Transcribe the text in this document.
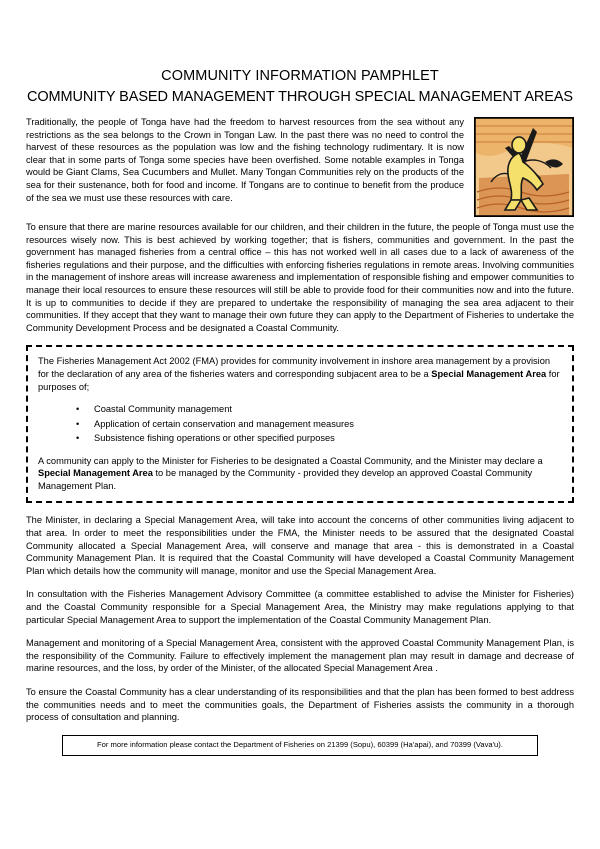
COMMUNITY INFORMATION PAMPHLET
COMMUNITY BASED MANAGEMENT THROUGH SPECIAL MANAGEMENT AREAS

Traditionally, the people of Tonga have had the freedom to harvest resources from the sea without any restrictions as the sea belongs to the Crown in Tongan Law. In the past there was no need to control the harvest of these resources as the population was low and the fishing technology rudimentary. It is now clear that in some parts of Tonga some species have been overfished. Some notable examples in Tonga would be Giant Clams, Sea Cucumbers and Mullet. Many Tongan Communities rely on the products of the sea for their sustenance, both for food and income. If Tongans are to continue to benefit from the produce of the sea we must use these resources with care.

To ensure that there are marine resources available for our children, and their children in the future, the people of Tonga must use the resources wisely now. This is best achieved by working together; that is fishers, communities and government. In the past the government has managed fisheries from a central office – this has not worked well in all cases due to a lack of awareness of the fisheries regulations and their purpose, and the difficulties with enforcing fisheries regulations in remote areas. Involving communities in the management of inshore areas will increase awareness and implementation of responsible fishing and empower communities to manage their local resources to ensure these resources will still be able to provide food for their communities now and into the future. It is up to communities to decide if they are prepared to undertake the responsibility of managing the sea area adjacent to their communities. If they accept that they want to manage their own future they can apply to the Department of Fisheries to undertake the Community Development Process and be designated a Coastal Community.

The Fisheries Management Act 2002 (FMA) provides for community involvement in inshore area management by a provision for the declaration of any area of the fisheries waters and corresponding subjacent area to be a Special Management Area for purposes of;

• Coastal Community management
• Application of certain conservation and management measures
• Subsistence fishing operations or other specified purposes

A community can apply to the Minister for Fisheries to be designated a Coastal Community, and the Minister may declare a Special Management Area to be managed by the Community - provided they develop an approved Coastal Community Management Plan.

The Minister, in declaring a Special Management Area, will take into account the concerns of other communities living adjacent to that area. In order to meet the responsibilities under the FMA, the Minister needs to be assured that the designated Coastal Community allocated a Special Management Area, will conserve and manage that area - this is demonstrated in a Coastal Community Management Plan. It is required that the Coastal Community will have developed a Coastal Community Management Plan which details how the community will manage, monitor and use the Special Management Area.

In consultation with the Fisheries Management Advisory Committee (a committee established to advise the Minister for Fisheries) and the Coastal Community responsible for a Special Management Area, the Ministry may make regulations applying to that particular Special Management Area to support the implementation of the Coastal Community Management Plan.

Management and monitoring of a Special Management Area, consistent with the approved Coastal Community Management Plan, is the responsibility of the Community. Failure to effectively implement the management plan may result in damage and decrease of marine resources, and the loss, by order of the Minister, of the allocated Special Management Area .

To ensure the Coastal Community has a clear understanding of its responsibilities and that the plan has been formed to best address the communities needs and to meet the communities goals, the Department of Fisheries assists the community in a thorough process of consultation and planning.

For more information please contact the Department of Fisheries on 21399 (Sopu), 60399 (Ha'apai), and 70399 (Vava'u).
